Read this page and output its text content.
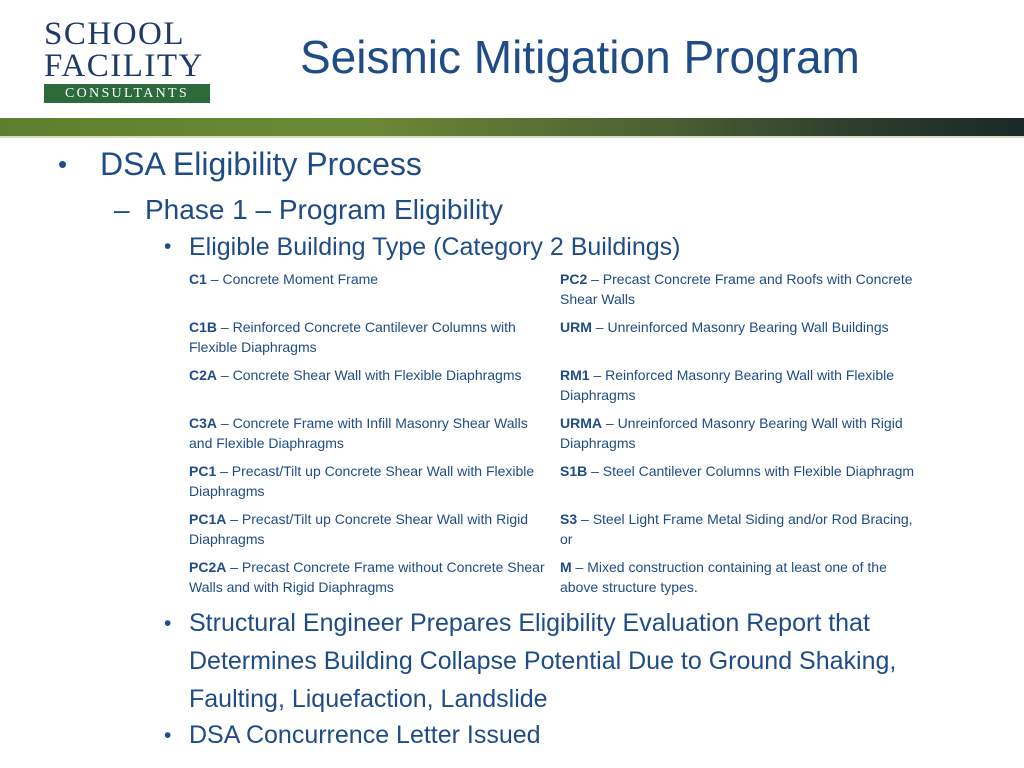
SCHOOL
FACILITY
CONSULTANTS
Seismic Mitigation Program
• DSA Eligibility Process
– Phase 1 – Program Eligibility
• Eligible Building Type (Category 2 Buildings)
C1 – Concrete Moment Frame	PC2 – Precast Concrete Frame and Roofs with Concrete Shear Walls
C1B – Reinforced Concrete Cantilever Columns with Flexible Diaphragms	URM – Unreinforced Masonry Bearing Wall Buildings
C2A – Concrete Shear Wall with Flexible Diaphragms	RM1 – Reinforced Masonry Bearing Wall with Flexible Diaphragms
C3A – Concrete Frame with Infill Masonry Shear Walls and Flexible Diaphragms	URMA – Unreinforced Masonry Bearing Wall with Rigid Diaphragms
PC1 – Precast/Tilt up Concrete Shear Wall with Flexible Diaphragms	S1B – Steel Cantilever Columns with Flexible Diaphragm
PC1A – Precast/Tilt up Concrete Shear Wall with Rigid Diaphragms	S3 – Steel Light Frame Metal Siding and/or Rod Bracing, or
PC2A – Precast Concrete Frame without Concrete Shear Walls and with Rigid Diaphragms	M – Mixed construction containing at least one of the above structure types.
• Structural Engineer Prepares Eligibility Evaluation Report that Determines Building Collapse Potential Due to Ground Shaking, Faulting, Liquefaction, Landslide
• DSA Concurrence Letter Issued
